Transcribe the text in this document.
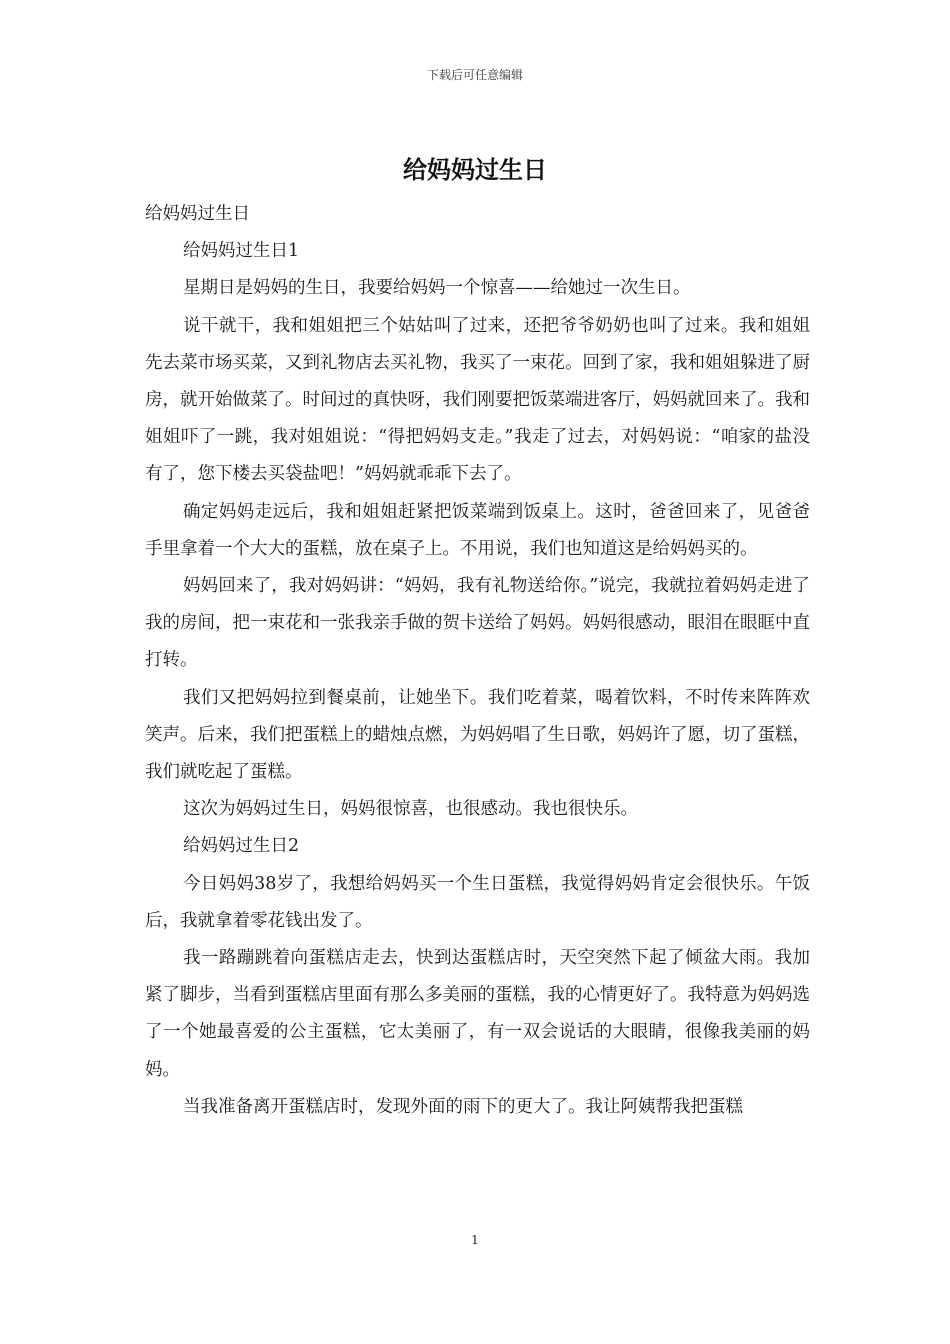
下载后可任意编辑
给妈妈过生日

给妈妈过生日

给妈妈过生日1

星期日是妈妈的生日，我要给妈妈一个惊喜——给她过一次生日。

说干就干，我和姐姐把三个姑姑叫了过来，还把爷爷奶奶也叫了过来。我和姐姐先去菜市场买菜，又到礼物店去买礼物，我买了一束花。回到了家，我和姐姐躲进了厨房，就开始做菜了。时间过的真快呀，我们刚要把饭菜端进客厅，妈妈就回来了。我和姐姐吓了一跳，我对姐姐说：“得把妈妈支走。”我走了过去，对妈妈说：“咱家的盐没有了，您下楼去买袋盐吧！”妈妈就乖乖下去了。

确定妈妈走远后，我和姐姐赶紧把饭菜端到饭桌上。这时，爸爸回来了，见爸爸手里拿着一个大大的蛋糕，放在桌子上。不用说，我们也知道这是给妈妈买的。

妈妈回来了，我对妈妈讲：“妈妈，我有礼物送给你。”说完，我就拉着妈妈走进了我的房间，把一束花和一张我亲手做的贺卡送给了妈妈。妈妈很感动，眼泪在眼眶中直打转。

我们又把妈妈拉到餐桌前，让她坐下。我们吃着菜，喝着饮料，不时传来阵阵欢笑声。后来，我们把蛋糕上的蜡烛点燃，为妈妈唱了生日歌，妈妈许了愿，切了蛋糕，我们就吃起了蛋糕。

这次为妈妈过生日，妈妈很惊喜，也很感动。我也很快乐。

给妈妈过生日2

今日妈妈38岁了，我想给妈妈买一个生日蛋糕，我觉得妈妈肯定会很快乐。午饭后，我就拿着零花钱出发了。

我一路蹦跳着向蛋糕店走去，快到达蛋糕店时，天空突然下起了倾盆大雨。我加紧了脚步，当看到蛋糕店里面有那么多美丽的蛋糕，我的心情更好了。我特意为妈妈选了一个她最喜爱的公主蛋糕，它太美丽了，有一双会说话的大眼睛，很像我美丽的妈妈。

当我准备离开蛋糕店时，发现外面的雨下的更大了。我让阿姨帮我把蛋糕

1
